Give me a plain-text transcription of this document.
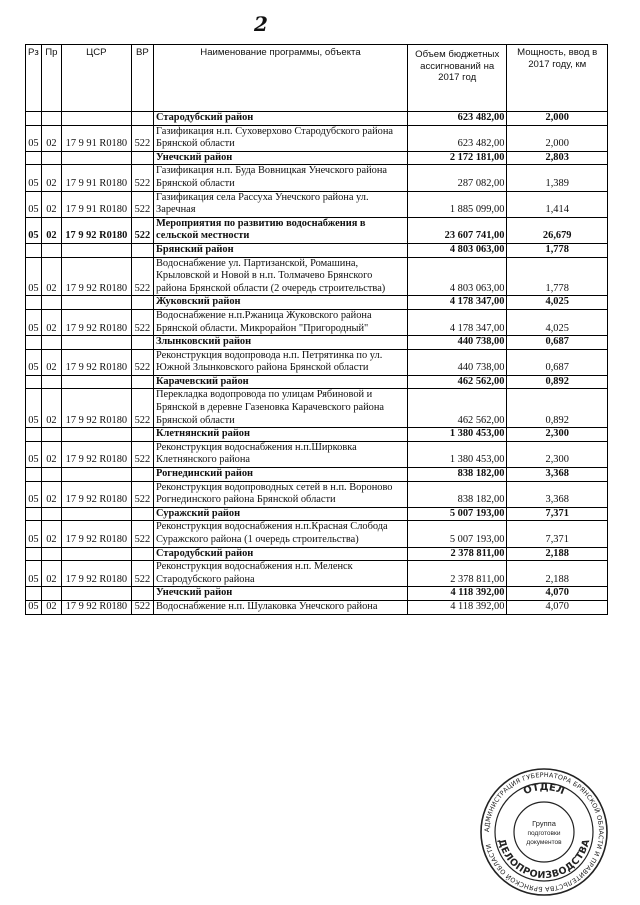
2
Рз	Пр	ЦСР	ВР	Наименование программы, объекта	Объем бюджетных ассигнований на 2017 год	Мощность, ввод в 2017 году, км
				Стародубский район	623 482,00	2,000
05	02	17 9 91 R0180	522	Газификация н.п. Суховерхово Стародубского района Брянской области	623 482,00	2,000
				Унечский район	2 172 181,00	2,803
05	02	17 9 91 R0180	522	Газификация н.п. Буда Вовницкая Унечского района Брянской области	287 082,00	1,389
05	02	17 9 91 R0180	522	Газификация села Рассуха Унечского района ул. Заречная	1 885 099,00	1,414
05	02	17 9 92 R0180	522	Мероприятия по развитию водоснабжения в сельской местности	23 607 741,00	26,679
				Брянский район	4 803 063,00	1,778
05	02	17 9 92 R0180	522	Водоснабжение ул. Партизанской, Ромашина, Крыловской и Новой в н.п. Толмачево Брянского района Брянской области (2 очередь строительства)	4 803 063,00	1,778
				Жуковский район	4 178 347,00	4,025
05	02	17 9 92 R0180	522	Водоснабжение н.п.Ржаница Жуковского района Брянской области. Микрорайон "Пригородный"	4 178 347,00	4,025
				Злынковский район	440 738,00	0,687
05	02	17 9 92 R0180	522	Реконструкция водопровода н.п. Петрятинка по ул. Южной Злынковского района Брянской области	440 738,00	0,687
				Карачевский район	462 562,00	0,892
05	02	17 9 92 R0180	522	Перекладка водопровода по улицам Рябиновой и Брянской в деревне Газеновка Карачевского района Брянской области	462 562,00	0,892
				Клетнянский район	1 380 453,00	2,300
05	02	17 9 92 R0180	522	Реконструкция водоснабжения н.п.Ширковка Клетнянского района	1 380 453,00	2,300
				Рогнединский район	838 182,00	3,368
05	02	17 9 92 R0180	522	Реконструкция водопроводных сетей в н.п. Вороново Рогнединского района Брянской области	838 182,00	3,368
				Суражский район	5 007 193,00	7,371
05	02	17 9 92 R0180	522	Реконструкция водоснабжения н.п.Красная Слобода Суражского района (1 очередь строительства)	5 007 193,00	7,371
				Стародубский район	2 378 811,00	2,188
05	02	17 9 92 R0180	522	Реконструкция водоснабжения н.п. Меленск Стародубского района	2 378 811,00	2,188
				Унечский район	4 118 392,00	4,070
05	02	17 9 92 R0180	522	Водоснабжение н.п. Шулаковка Унечского района	4 118 392,00	4,070
АДМИНИСТРАЦИЯ ГУБЕРНАТОРА БРЯНСКОЙ ОБЛАСТИ И ПРАВИТЕЛЬСТВА БРЯНСКОЙ ОБЛАСТИ
ОТДЕЛ
ДЕЛОПРОИЗВОДСТВА
Группа
подготовки
документов
